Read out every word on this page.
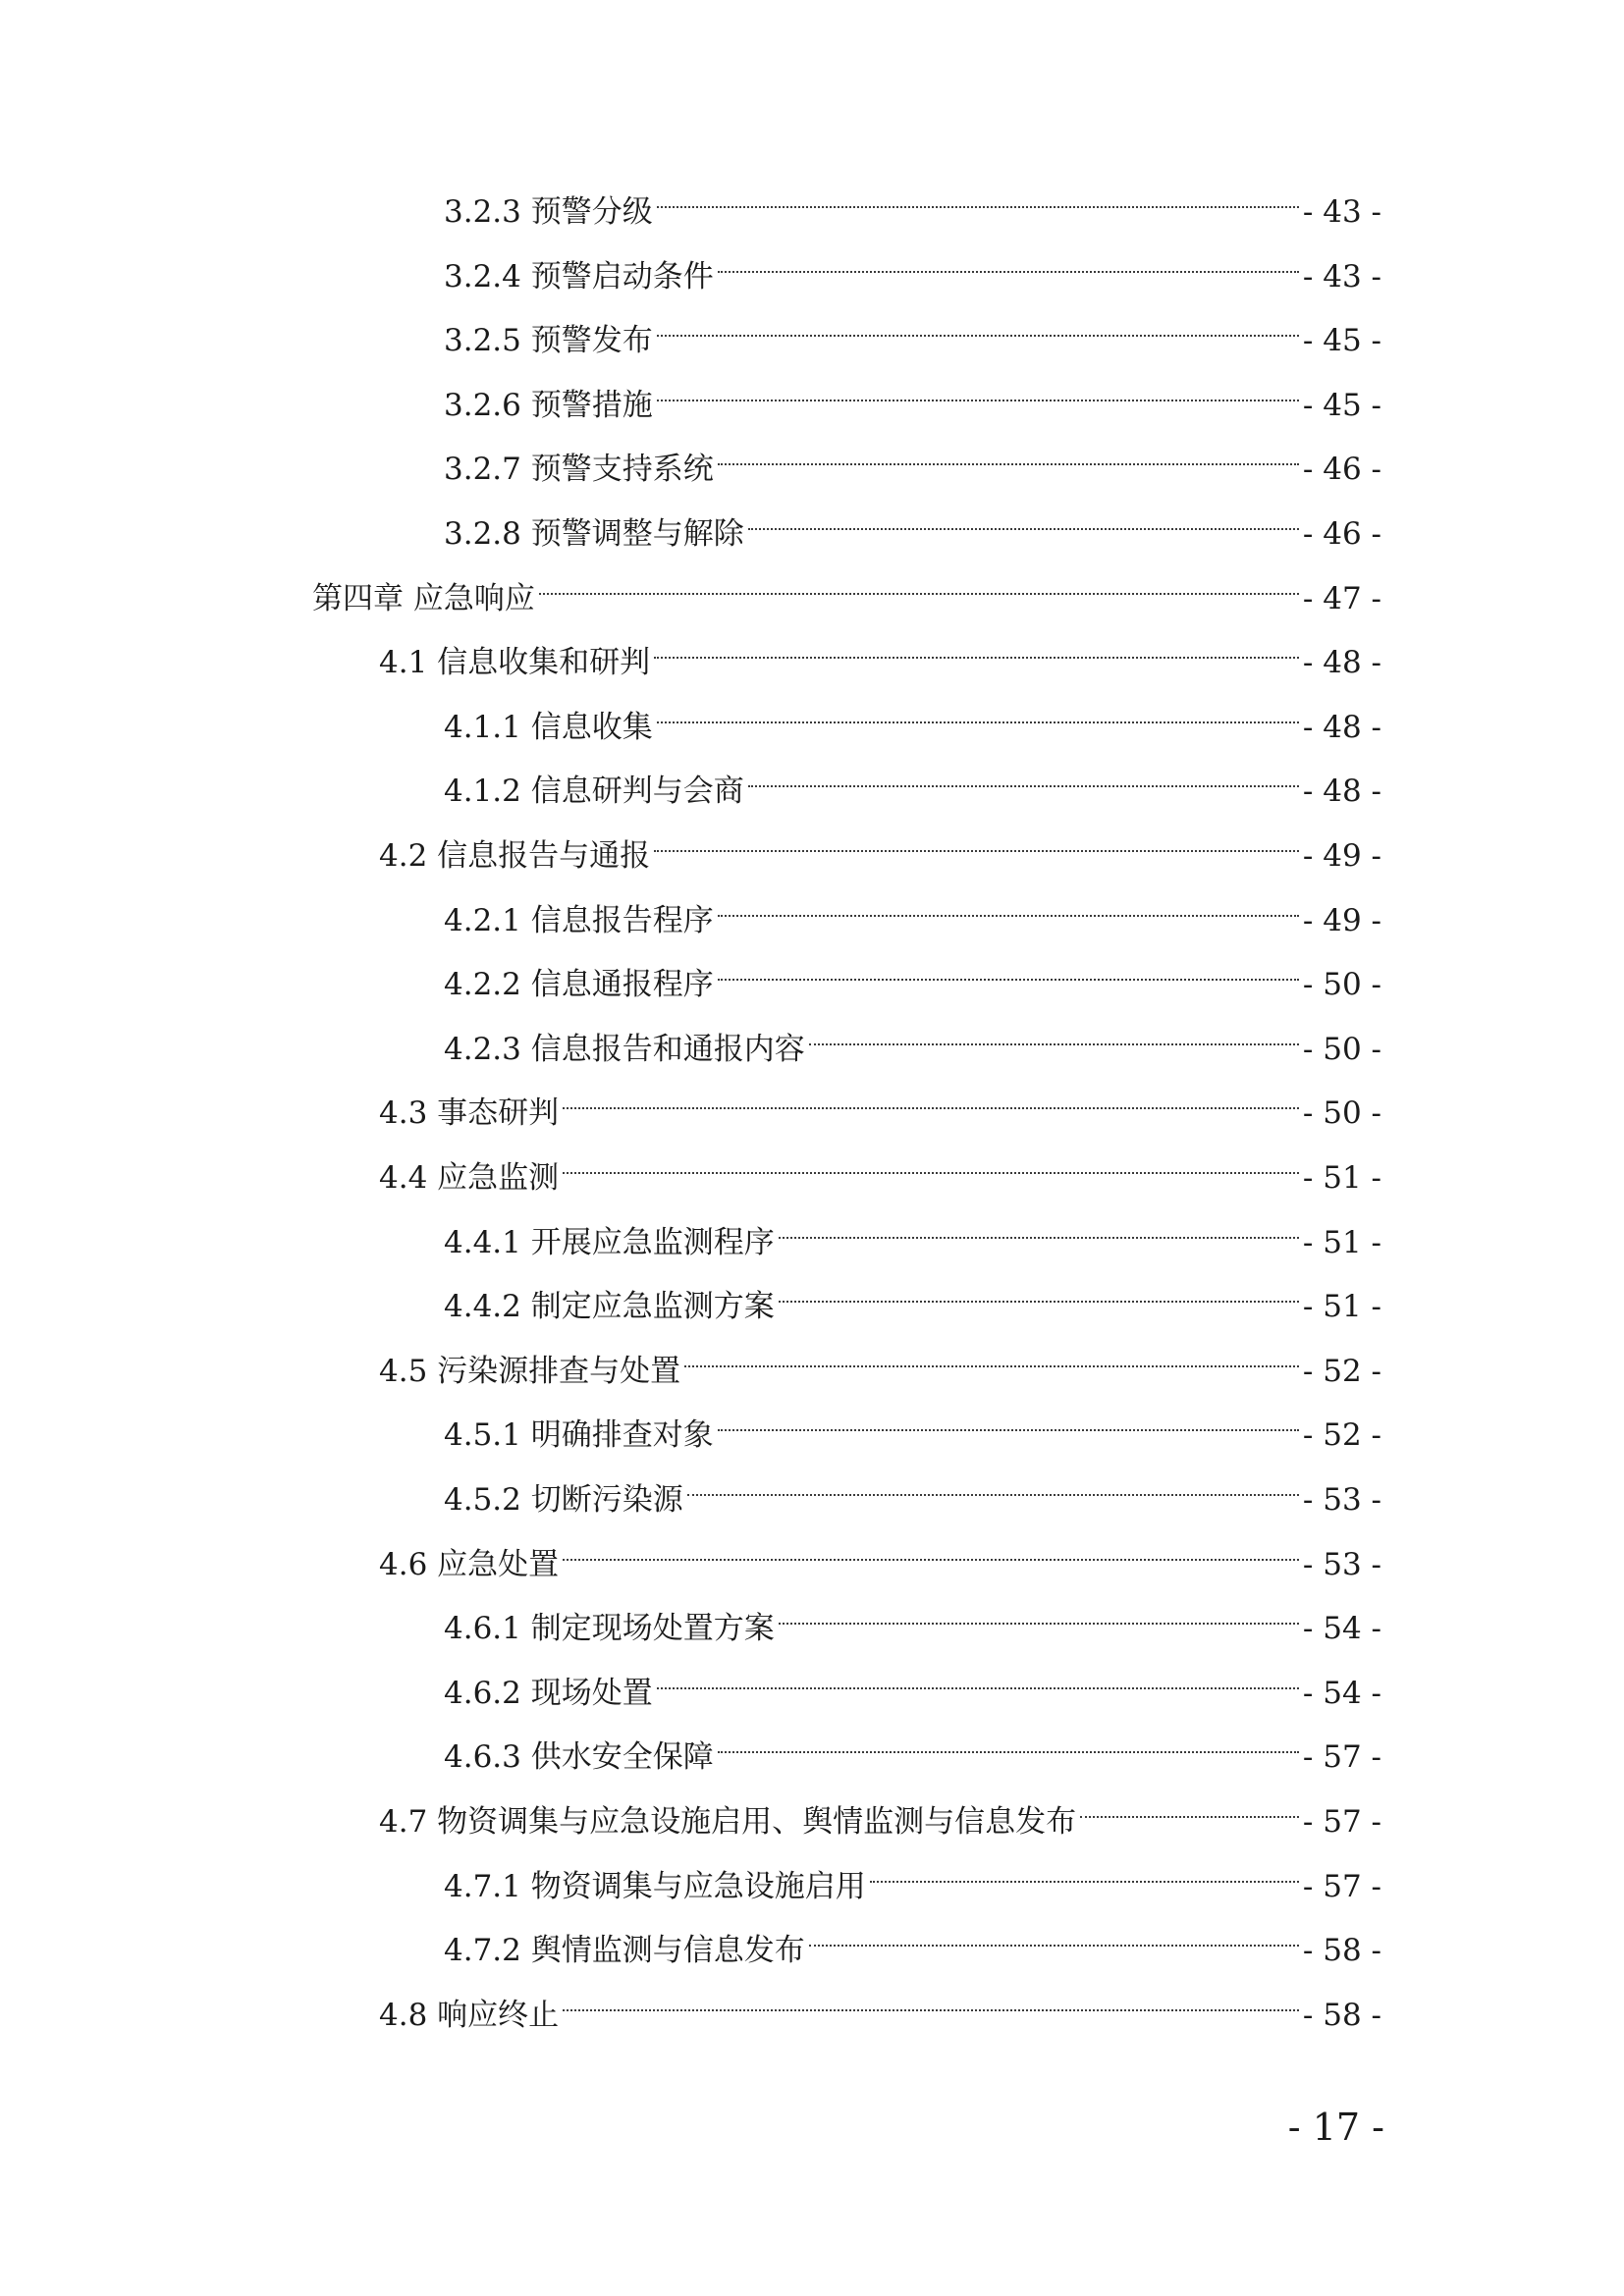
3.2.3 预警分级	- 43 -
3.2.4 预警启动条件	- 43 -
3.2.5 预警发布	- 45 -
3.2.6 预警措施	- 45 -
3.2.7 预警支持系统	- 46 -
3.2.8 预警调整与解除	- 46 -
第四章 应急响应	- 47 -
4.1 信息收集和研判	- 48 -
4.1.1 信息收集	- 48 -
4.1.2 信息研判与会商	- 48 -
4.2 信息报告与通报	- 49 -
4.2.1 信息报告程序	- 49 -
4.2.2 信息通报程序	- 50 -
4.2.3 信息报告和通报内容	- 50 -
4.3 事态研判	- 50 -
4.4 应急监测	- 51 -
4.4.1 开展应急监测程序	- 51 -
4.4.2 制定应急监测方案	- 51 -
4.5 污染源排查与处置	- 52 -
4.5.1 明确排查对象	- 52 -
4.5.2 切断污染源	- 53 -
4.6 应急处置	- 53 -
4.6.1 制定现场处置方案	- 54 -
4.6.2 现场处置	- 54 -
4.6.3 供水安全保障	- 57 -
4.7 物资调集与应急设施启用、舆情监测与信息发布	- 57 -
4.7.1 物资调集与应急设施启用	- 57 -
4.7.2 舆情监测与信息发布	- 58 -
4.8 响应终止	- 58 -
- 17 -
